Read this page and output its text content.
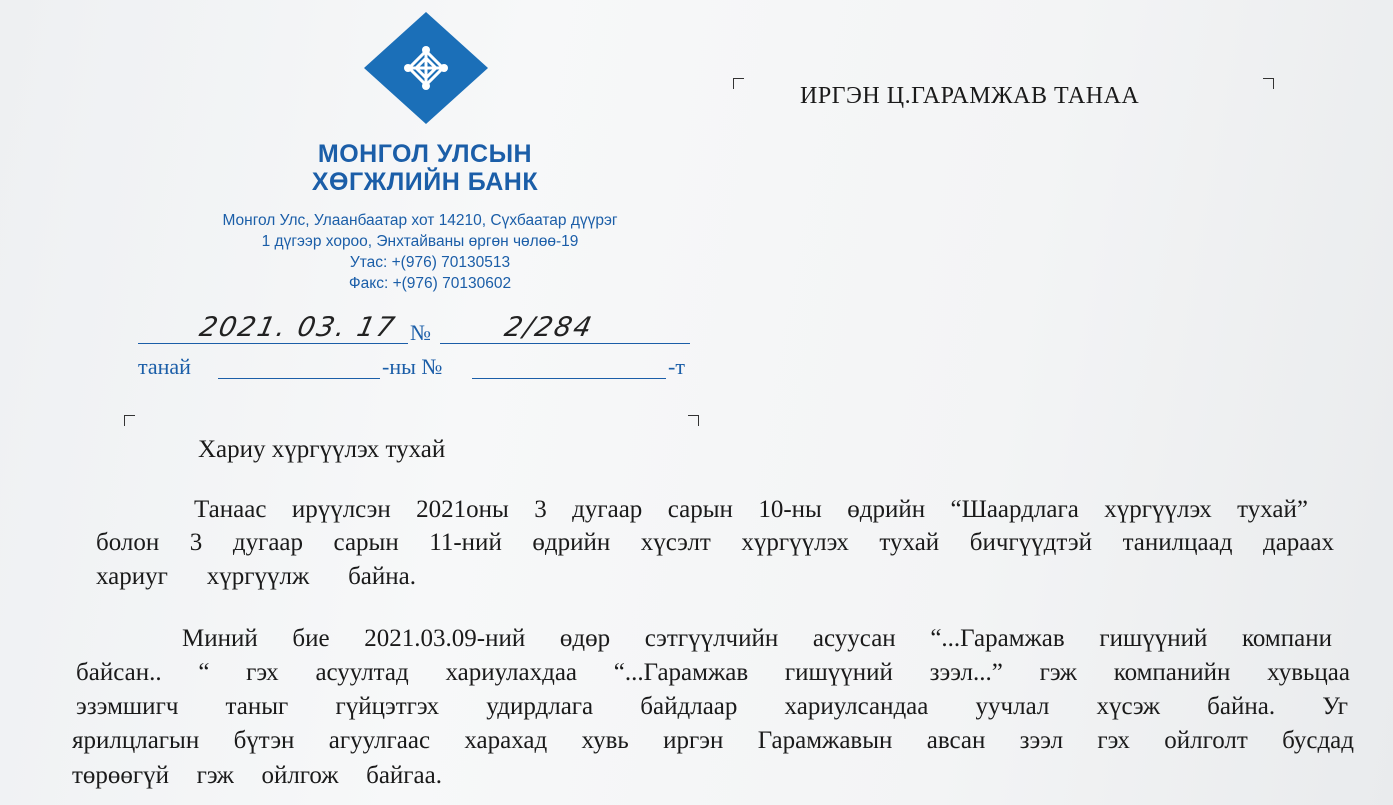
МОНГОЛ УЛСЫН
ХӨГЖЛИЙН БАНК
Монгол Улс, Улаанбаатар хот 14210, Сүхбаатар дүүрэг
1 дүгээр хороо, Энхтайваны өргөн чөлөө-19
Утас: +(976) 70130513
Факс: +(976) 70130602
2021. 03. 17 №	2/284
танай	-ны №	-т
ИРГЭН Ц.ГАРАМЖАВ ТАНАА
Хариу хүргүүлэх тухай
Танаас ирүүлсэн 2021оны 3 дугаар сарын 10-ны өдрийн “Шаардлага хүргүүлэх тухай”
болон 3 дугаар сарын 11-ний өдрийн хүсэлт хүргүүлэх тухай бичгүүдтэй танилцаад дараах
хариуг хүргүүлж байна.
Миний бие 2021.03.09-ний өдөр сэтгүүлчийн асуусан “...Гарамжав гишүүний компани
байсан.. “ гэх асуултад хариулахдаа “...Гарамжав гишүүний зээл...” гэж компанийн хувьцаа
эзэмшигч таныг гүйцэтгэх удирдлага байдлаар хариулсандаа уучлал хүсэж байна. Уг
ярилцлагын бүтэн агуулгаас харахад хувь иргэн Гарамжавын авсан зээл гэх ойлголт бусдад
төрөөгүй гэж ойлгож байгаа.
